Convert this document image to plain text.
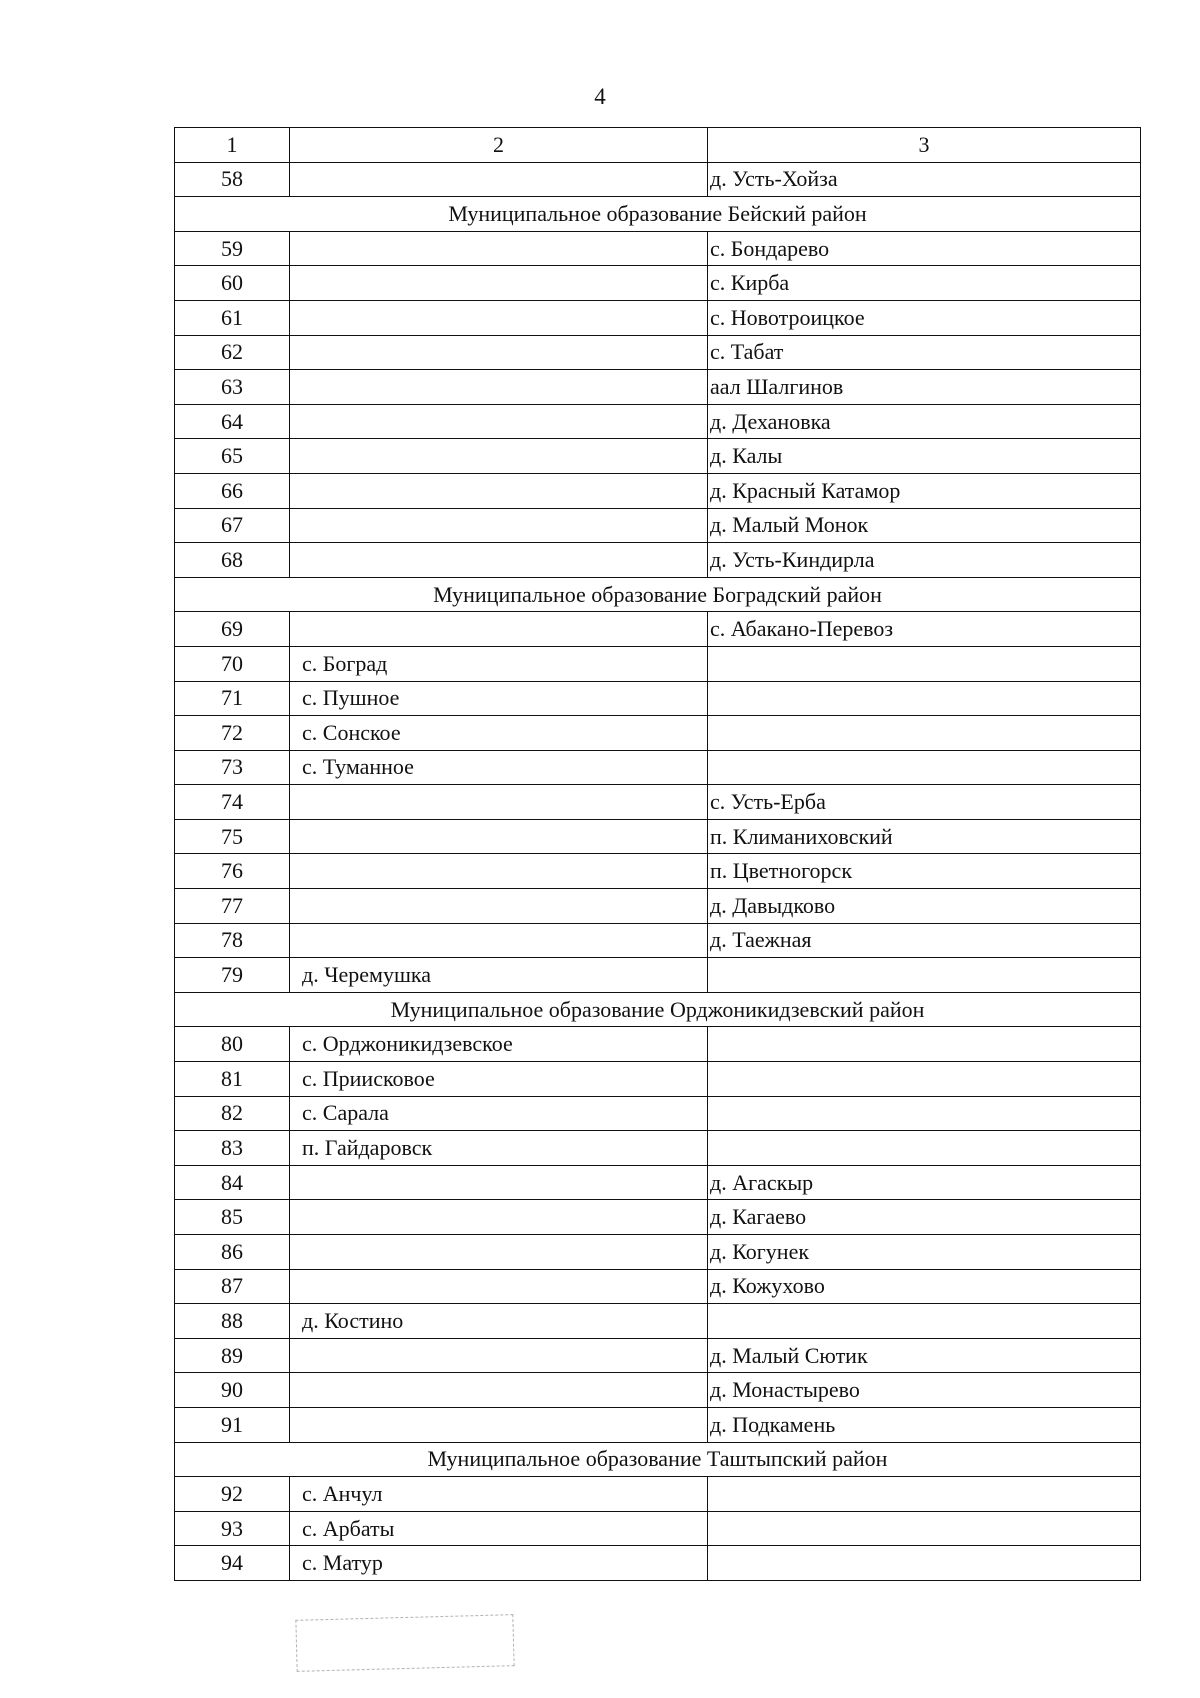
4
1	2	3
58		д. Усть-Хойза
Муниципальное образование Бейский район		
59		с. Бондарево
60		с. Кирба
61		с. Новотроицкое
62		с. Табат
63		аал Шалгинов
64		д. Дехановка
65		д. Калы
66		д. Красный Катамор
67		д. Малый Монок
68		д. Усть-Киндирла
Муниципальное образование Боградский район		
69		с. Абакано-Перевоз
70	с. Боград	
71	с. Пушное	
72	с. Сонское	
73	с. Туманное	
74		с. Усть-Ерба
75		п. Климаниховский
76		п. Цветногорск
77		д. Давыдково
78		д. Таежная
79	д. Черемушка	
Муниципальное образование Орджоникидзевский район		
80	с. Орджоникидзевское	
81	с. Приисковое	
82	с. Сарала	
83	п. Гайдаровск	
84		д. Агаскыр
85		д. Кагаево
86		д. Когунек
87		д. Кожухово
88	д. Костино	
89		д. Малый Сютик
90		д. Монастырево
91		д. Подкамень
Муниципальное образование Таштыпский район		
92	с. Анчул	
93	с. Арбаты	
94	с. Матур	
